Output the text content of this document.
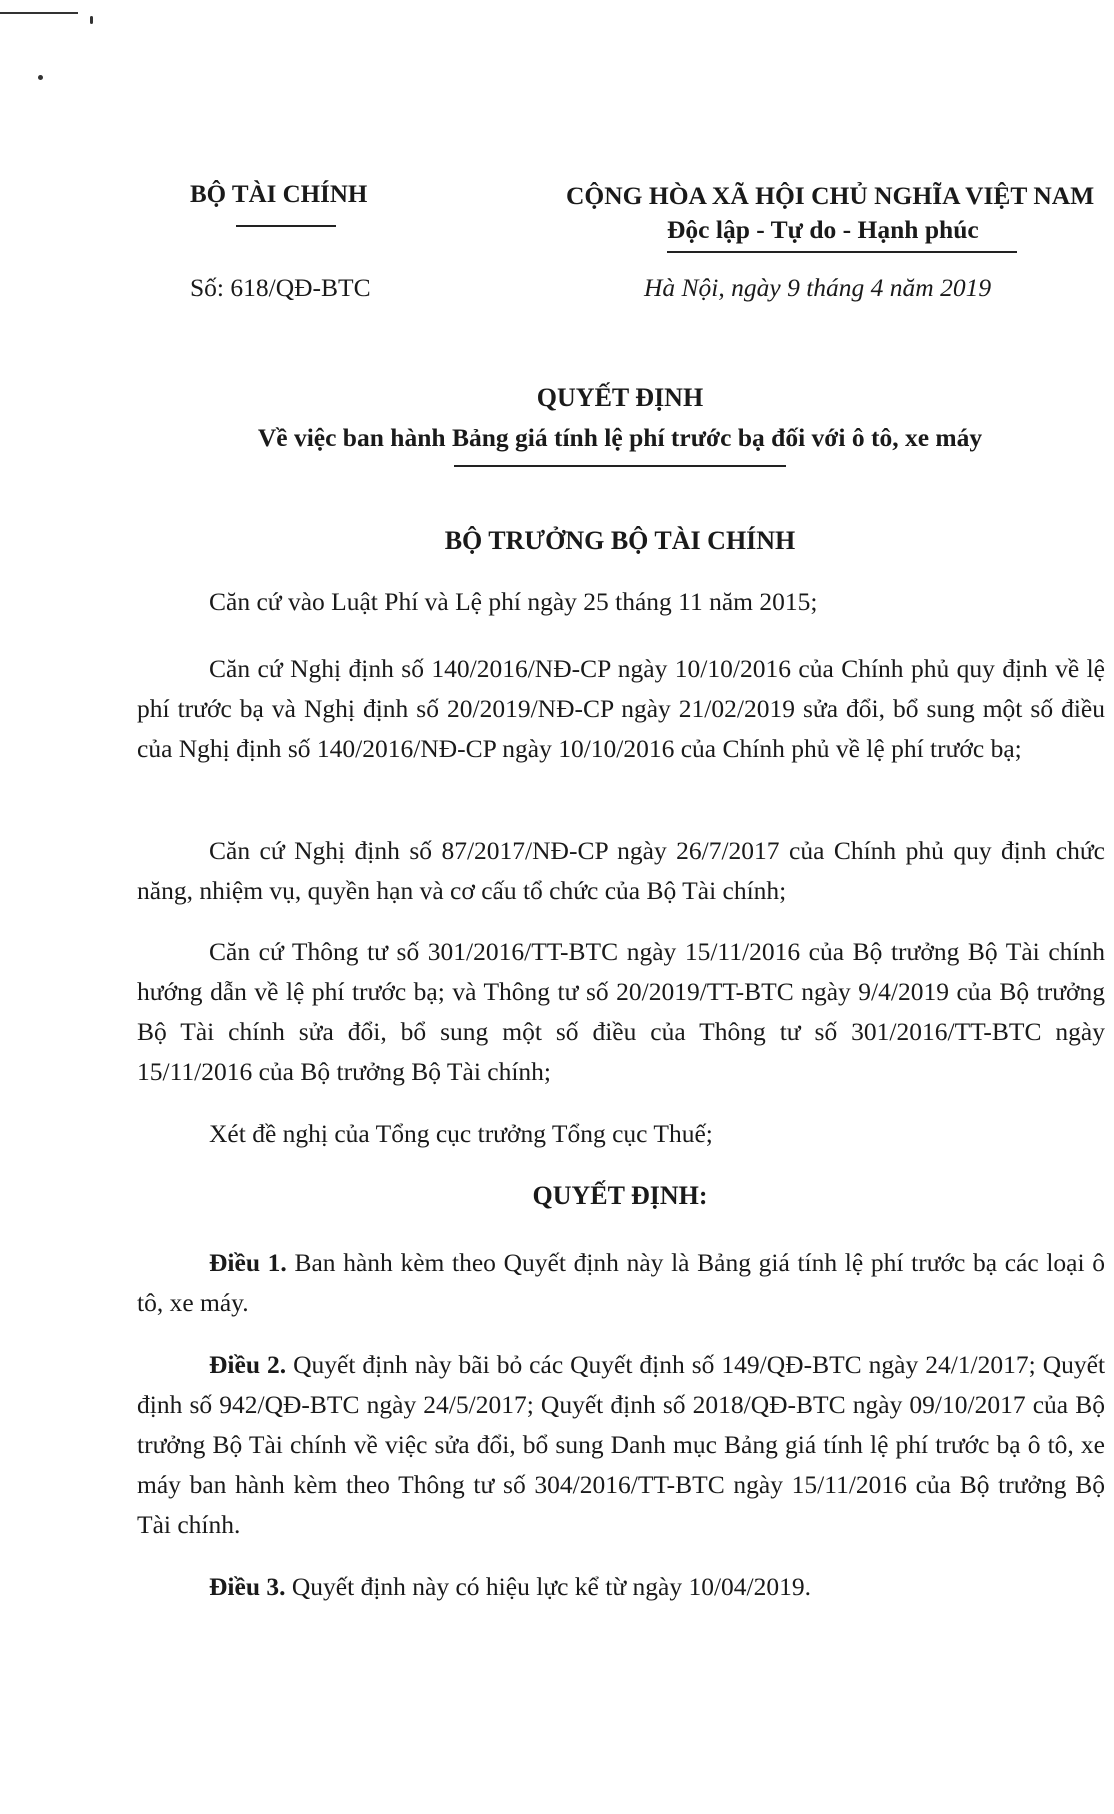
BỘ TÀI CHÍNH
Số: 618/QĐ-BTC
CỘNG HÒA XÃ HỘI CHỦ NGHĨA VIỆT NAM
Độc lập - Tự do - Hạnh phúc
Hà Nội, ngày 9 tháng 4 năm 2019
QUYẾT ĐỊNH
Về việc ban hành Bảng giá tính lệ phí trước bạ đối với ô tô, xe máy
BỘ TRƯỞNG BỘ TÀI CHÍNH
Căn cứ vào Luật Phí và Lệ phí ngày 25 tháng 11 năm 2015;
Căn cứ Nghị định số 140/2016/NĐ-CP ngày 10/10/2016 của Chính phủ quy định về lệ phí trước bạ và Nghị định số 20/2019/NĐ-CP ngày 21/02/2019 sửa đổi, bổ sung một số điều của Nghị định số 140/2016/NĐ-CP ngày 10/10/2016 của Chính phủ về lệ phí trước bạ;
Căn cứ Nghị định số 87/2017/NĐ-CP ngày 26/7/2017 của Chính phủ quy định chức năng, nhiệm vụ, quyền hạn và cơ cấu tổ chức của Bộ Tài chính;
Căn cứ Thông tư số 301/2016/TT-BTC ngày 15/11/2016 của Bộ trưởng Bộ Tài chính hướng dẫn về lệ phí trước bạ; và Thông tư số 20/2019/TT-BTC ngày 9/4/2019 của Bộ trưởng Bộ Tài chính sửa đổi, bổ sung một số điều của Thông tư số 301/2016/TT-BTC ngày 15/11/2016 của Bộ trưởng Bộ Tài chính;
Xét đề nghị của Tổng cục trưởng Tổng cục Thuế;
QUYẾT ĐỊNH:
Điều 1. Ban hành kèm theo Quyết định này là Bảng giá tính lệ phí trước bạ các loại ô tô, xe máy.
Điều 2. Quyết định này bãi bỏ các Quyết định số 149/QĐ-BTC ngày 24/1/2017; Quyết định số 942/QĐ-BTC ngày 24/5/2017; Quyết định số 2018/QĐ-BTC ngày 09/10/2017 của Bộ trưởng Bộ Tài chính về việc sửa đổi, bổ sung Danh mục Bảng giá tính lệ phí trước bạ ô tô, xe máy ban hành kèm theo Thông tư số 304/2016/TT-BTC ngày 15/11/2016 của Bộ trưởng Bộ Tài chính.
Điều 3. Quyết định này có hiệu lực kể từ ngày 10/04/2019.
